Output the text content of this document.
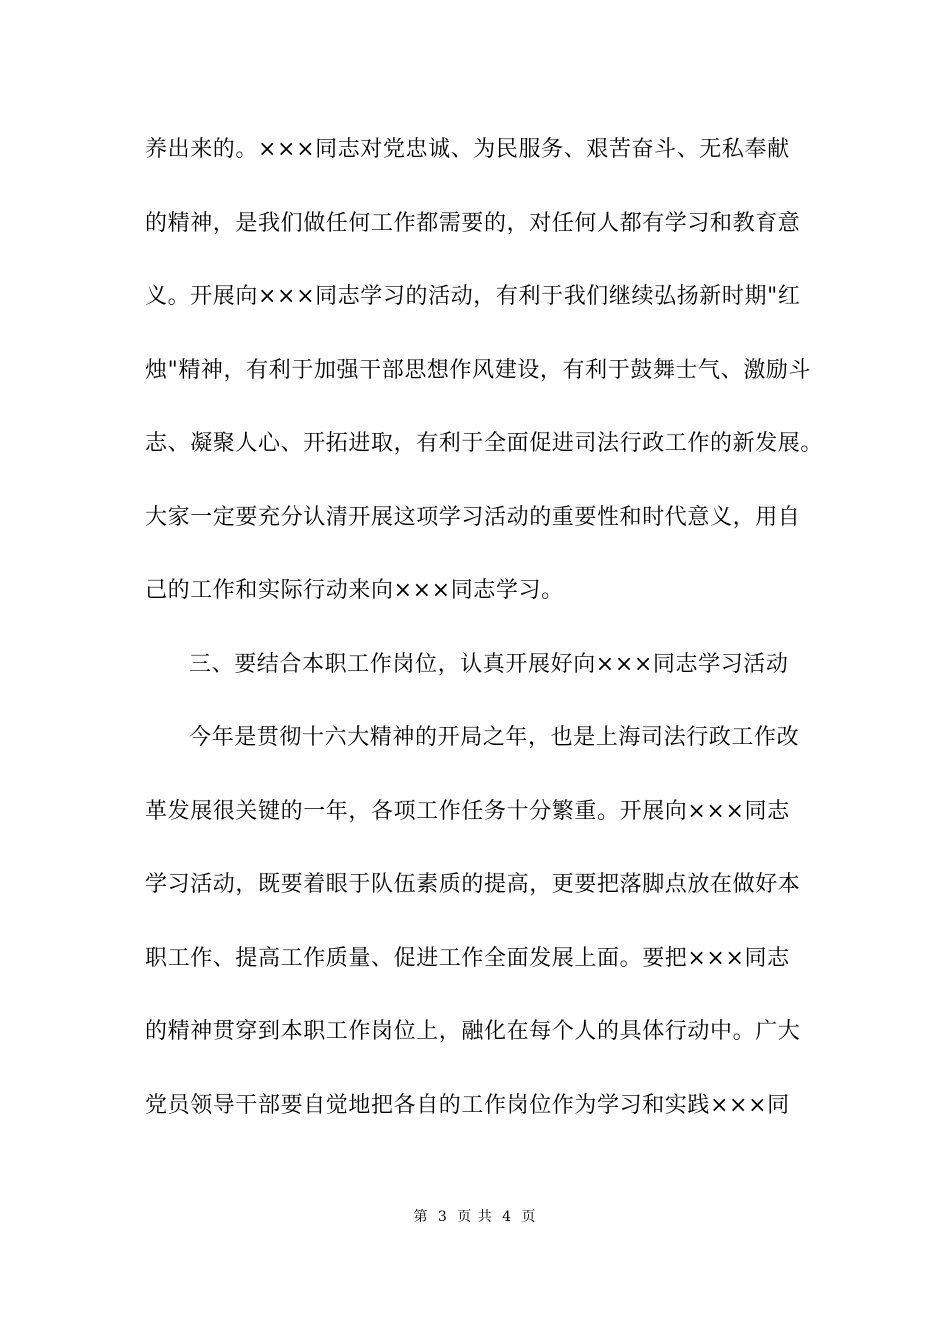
养出来的。×××同志对党忠诚、为民服务、艰苦奋斗、无私奉献
的精神，是我们做任何工作都需要的，对任何人都有学习和教育意
义。开展向×××同志学习的活动，有利于我们继续弘扬新时期"红
烛"精神，有利于加强干部思想作风建设，有利于鼓舞士气、激励斗
志、凝聚人心、开拓进取，有利于全面促进司法行政工作的新发展。
大家一定要充分认清开展这项学习活动的重要性和时代意义，用自
己的工作和实际行动来向×××同志学习。
三、要结合本职工作岗位，认真开展好向×××同志学习活动
今年是贯彻十六大精神的开局之年，也是上海司法行政工作改
革发展很关键的一年，各项工作任务十分繁重。开展向×××同志
学习活动，既要着眼于队伍素质的提高，更要把落脚点放在做好本
职工作、提高工作质量、促进工作全面发展上面。要把×××同志
的精神贯穿到本职工作岗位上，融化在每个人的具体行动中。广大
党员领导干部要自觉地把各自的工作岗位作为学习和实践×××同
第 3 页 共 4 页
